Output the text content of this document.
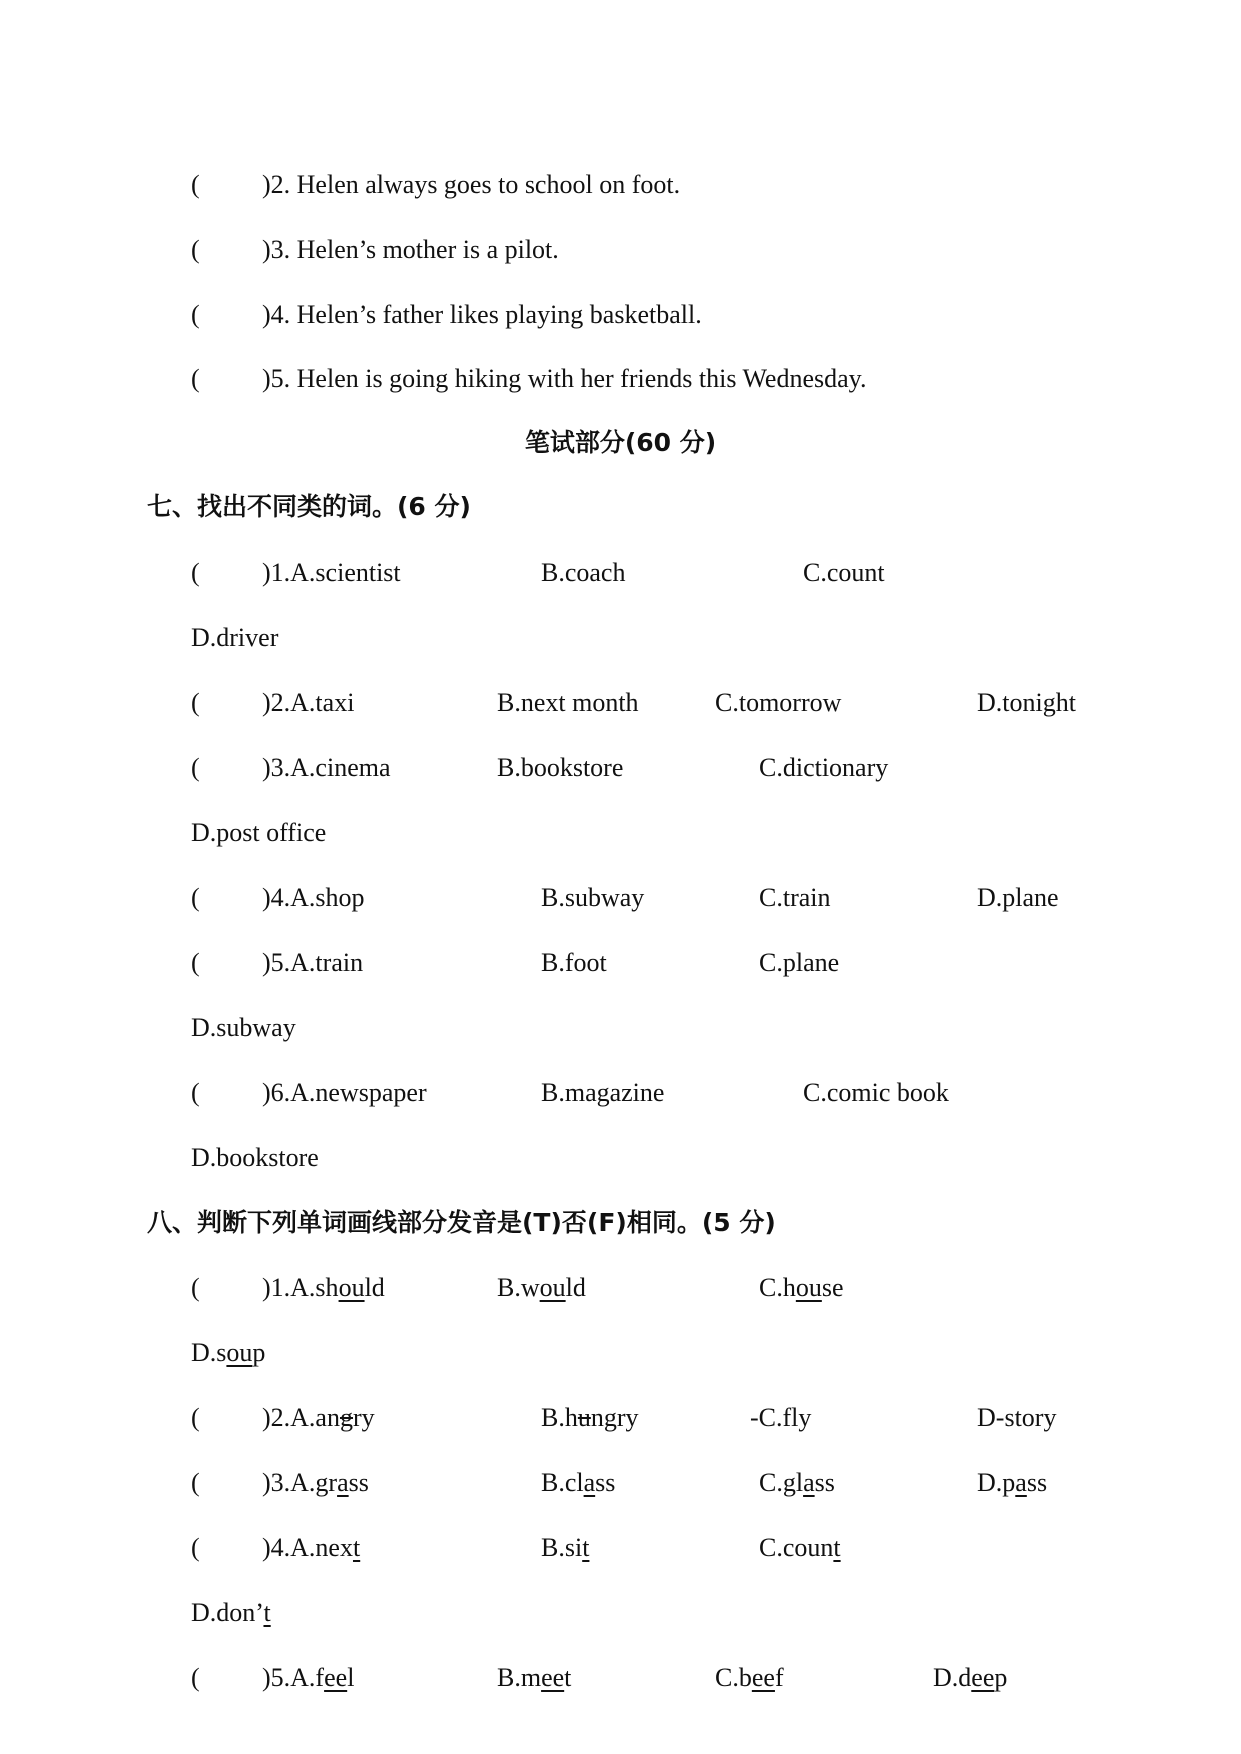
( )2. Helen always goes to school on foot.
( )3. Helen’s mother is a pilot.
( )4. Helen’s father likes playing basketball.
( )5. Helen is going hiking with her friends this Wednesday.
笔试部分(60 分)
七、找出不同类的词。(6 分)
( )1.A.scientist	B.coach	C.count
D.driver
( )2.A.taxi	B.next month	C.tomorrow	D.tonight
( )3.A.cinema	B.bookstore	C.dictionary
D.post office
( )4.A.shop	B.subway	C.train	D.plane
( )5.A.train	B.foot	C.plane
D.subway
( )6.A.newspaper	B.magazine	C.comic book
D.bookstore
八、判断下列单词画线部分发音是(T)否(F)相同。(5 分)
( )1.A.should	B.would	C.house
D.soup
( )2.A.angry	B.hungry	-C.fly	D-story
( )3.A.grass	B.class	C.glass	D.pass
( )4.A.next	B.sit	C.count
D.don’t
( )5.A.feel	B.meet	C.beef	D.deep
